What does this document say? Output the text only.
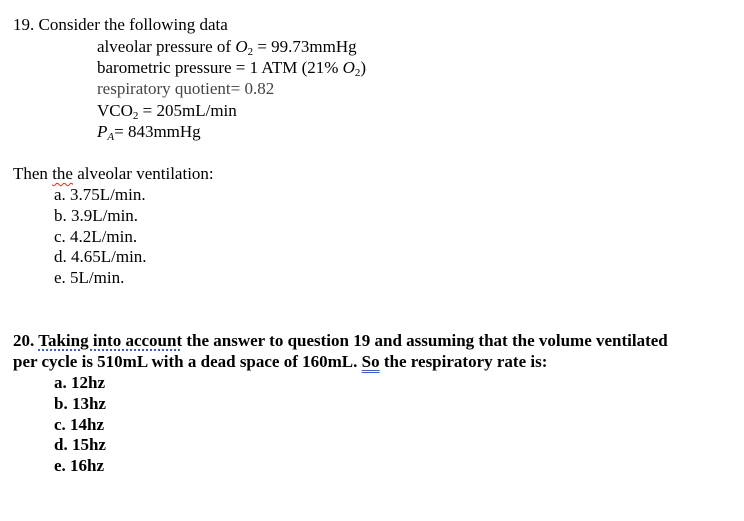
19. Consider the following data
alveolar pressure of $O_2$ = 99.73mmHg
barometric pressure = 1 ATM (21% $O_2$)
respiratory quotient= 0.82
$VCO_2 = 205mL/\min$
$P_A=$ 843mmHg
Then the alveolar ventilation:
a. 3.75L/min.
b. 3.9L/min.
c. 4.2L/min.
d. 4.65L/min.
e. 5L/min.
20. Taking into account the answer to question 19 and assuming that the volume ventilated
per cycle is 510mL with a dead space of 160mL. So the respiratory rate is:
a. 12hz
b. 13hz
c. 14hz
d. 15hz
e. 16hz
